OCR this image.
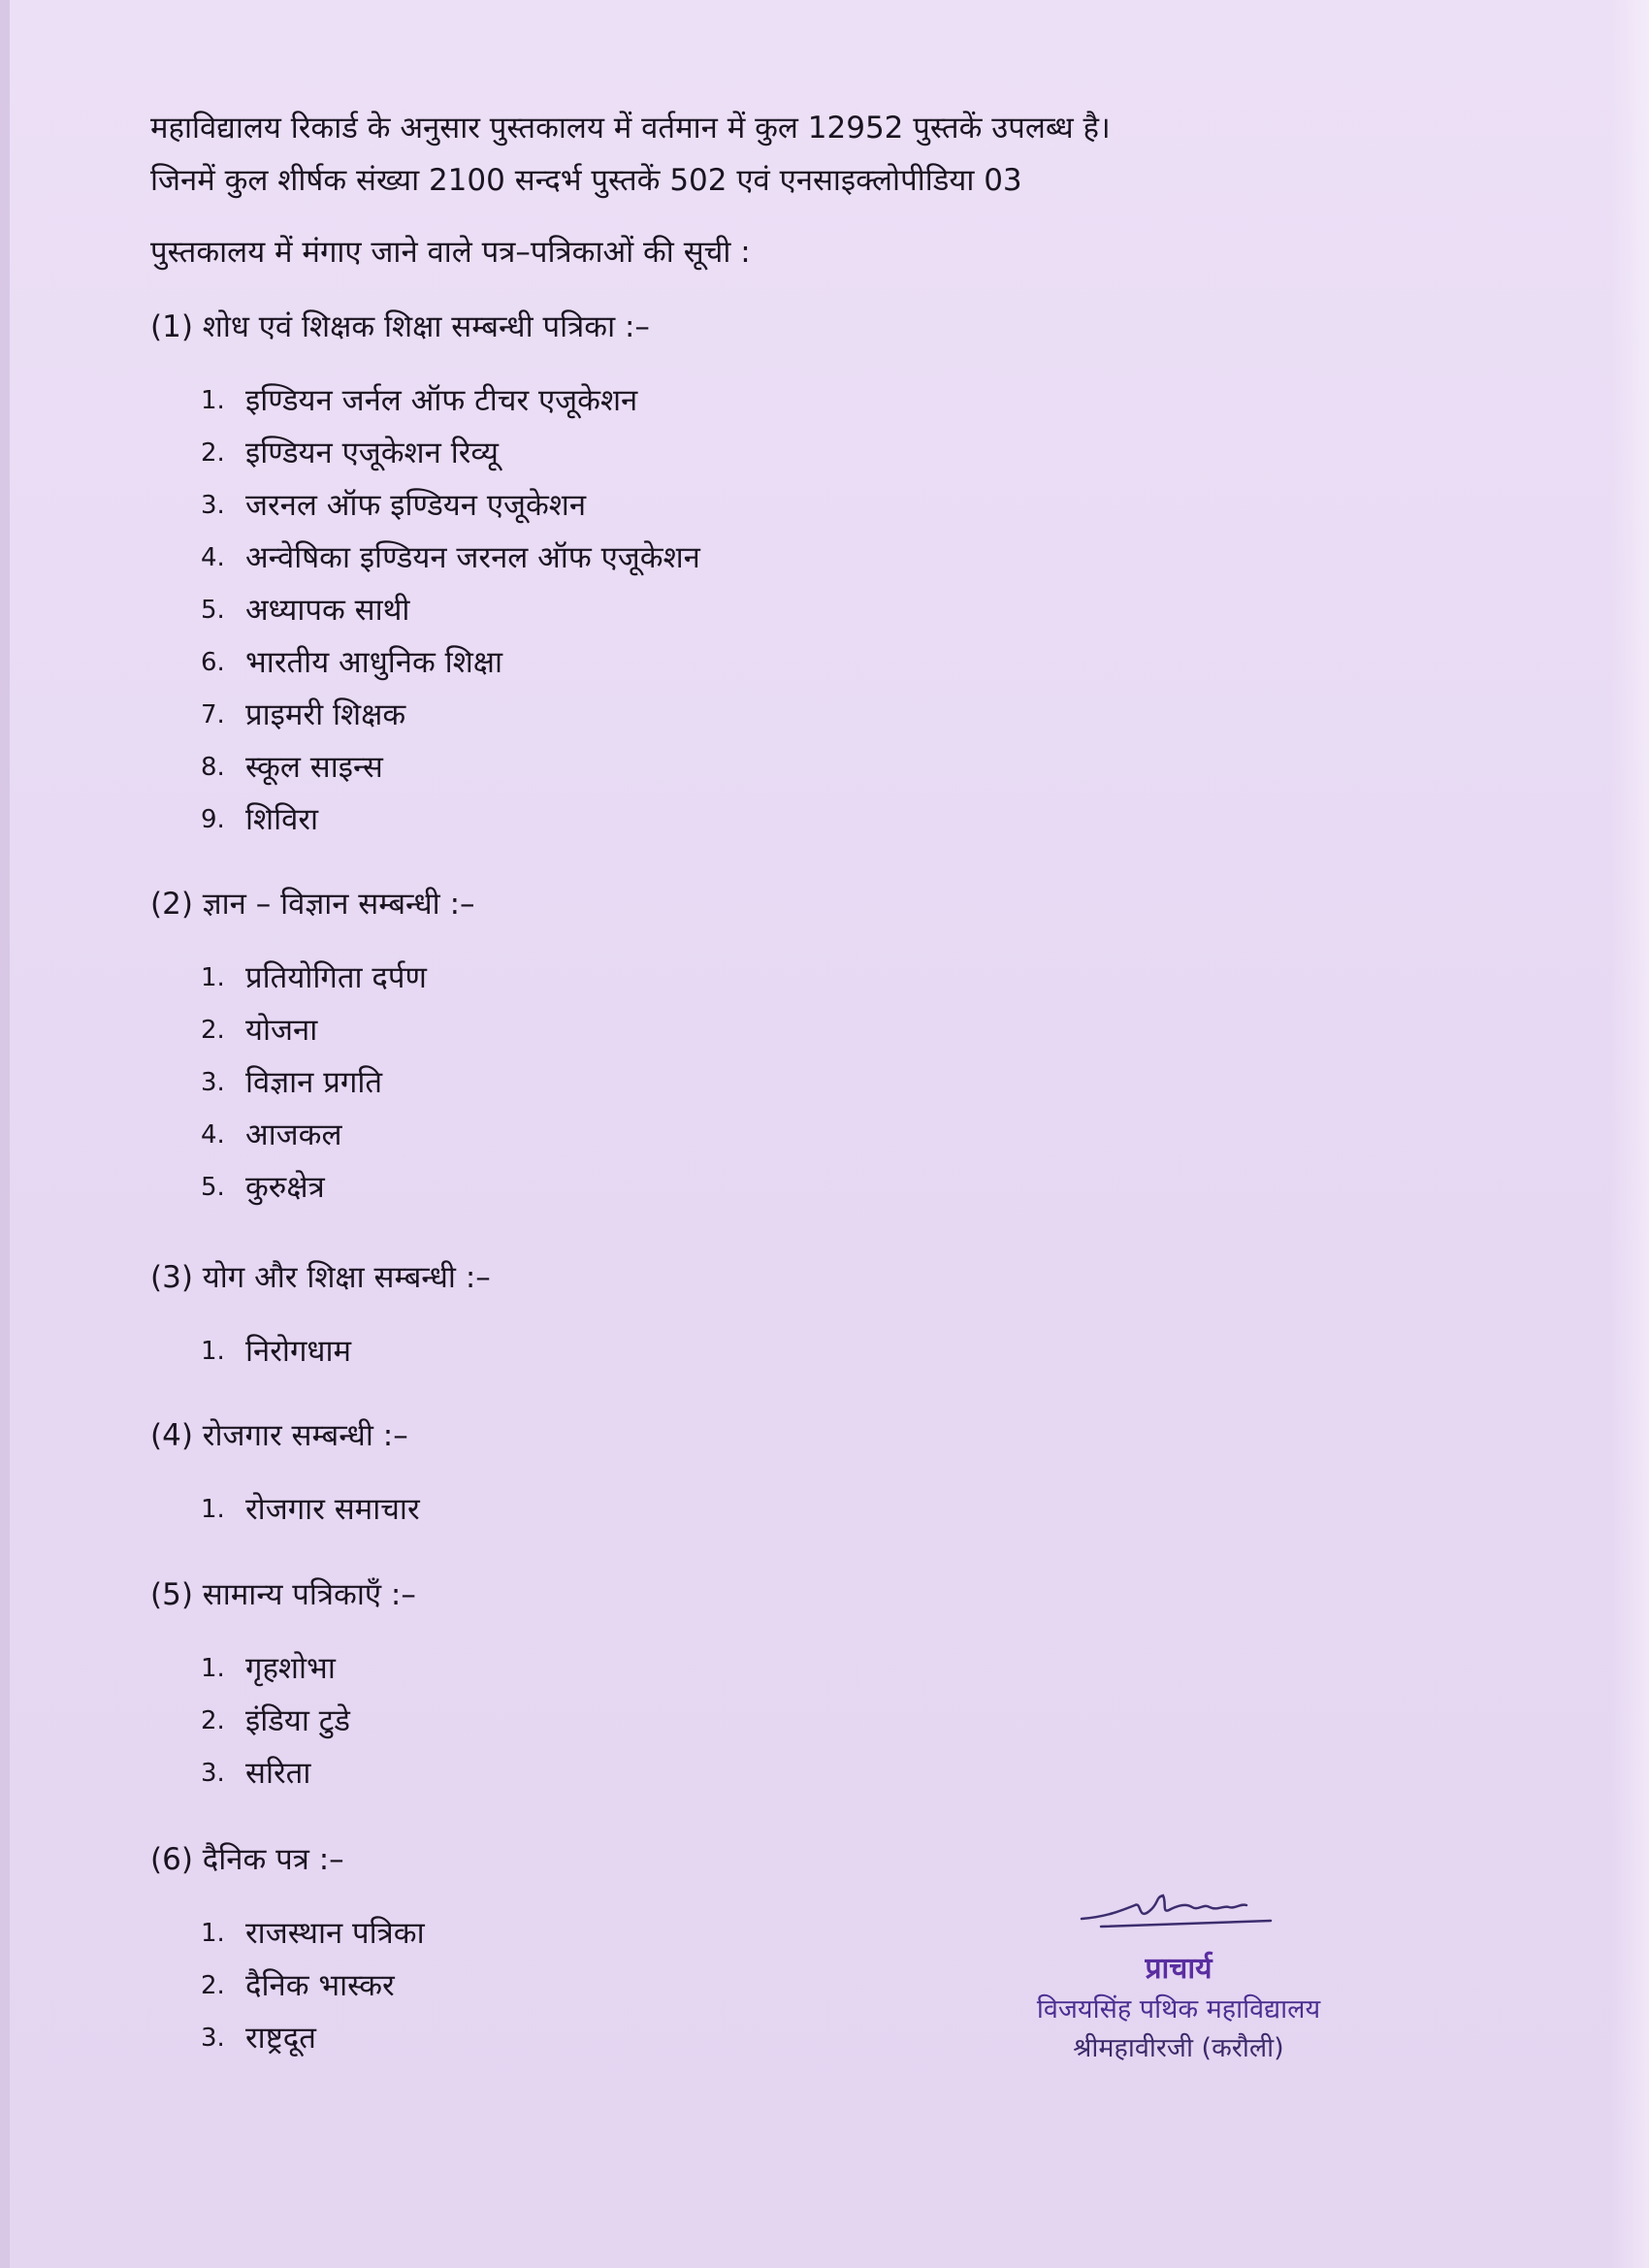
महाविद्यालय रिकार्ड के अनुसार पुस्तकालय में वर्तमान में कुल 12952 पुस्तकें उपलब्ध है।

जिनमें कुल शीर्षक संख्या 2100 सन्दर्भ पुस्तकें 502 एवं एनसाइक्लोपीडिया 03

पुस्तकालय में मंगाए जाने वाले पत्र–पत्रिकाओं की सूची :
(1) शोध एवं शिक्षक शिक्षा सम्बन्धी पत्रिका :–
1. इण्डियन जर्नल ऑफ टीचर एजूकेशन
2. इण्डियन एजूकेशन रिव्यू
3. जरनल ऑफ इण्डियन एजूकेशन
4. अन्वेषिका इण्डियन जरनल ऑफ एजूकेशन
5. अध्यापक साथी
6. भारतीय आधुनिक शिक्षा
7. प्राइमरी शिक्षक
8. स्कूल साइन्स
9. शिविरा
(2) ज्ञान – विज्ञान सम्बन्धी :–
1. प्रतियोगिता दर्पण
2. योजना
3. विज्ञान प्रगति
4. आजकल
5. कुरुक्षेत्र
(3) योग और शिक्षा सम्बन्धी :–
1. निरोगधाम
(4) रोजगार सम्बन्धी :–
1. रोजगार समाचार
(5) सामान्य पत्रिकाएँ :–
1. गृहशोभा
2. इंडिया टुडे
3. सरिता
(6) दैनिक पत्र :–
1. राजस्थान पत्रिका
2. दैनिक भास्कर
3. राष्ट्रदूत
प्राचार्य
विजयसिंह पथिक महाविद्यालय
श्रीमहावीरजी (करौली)
